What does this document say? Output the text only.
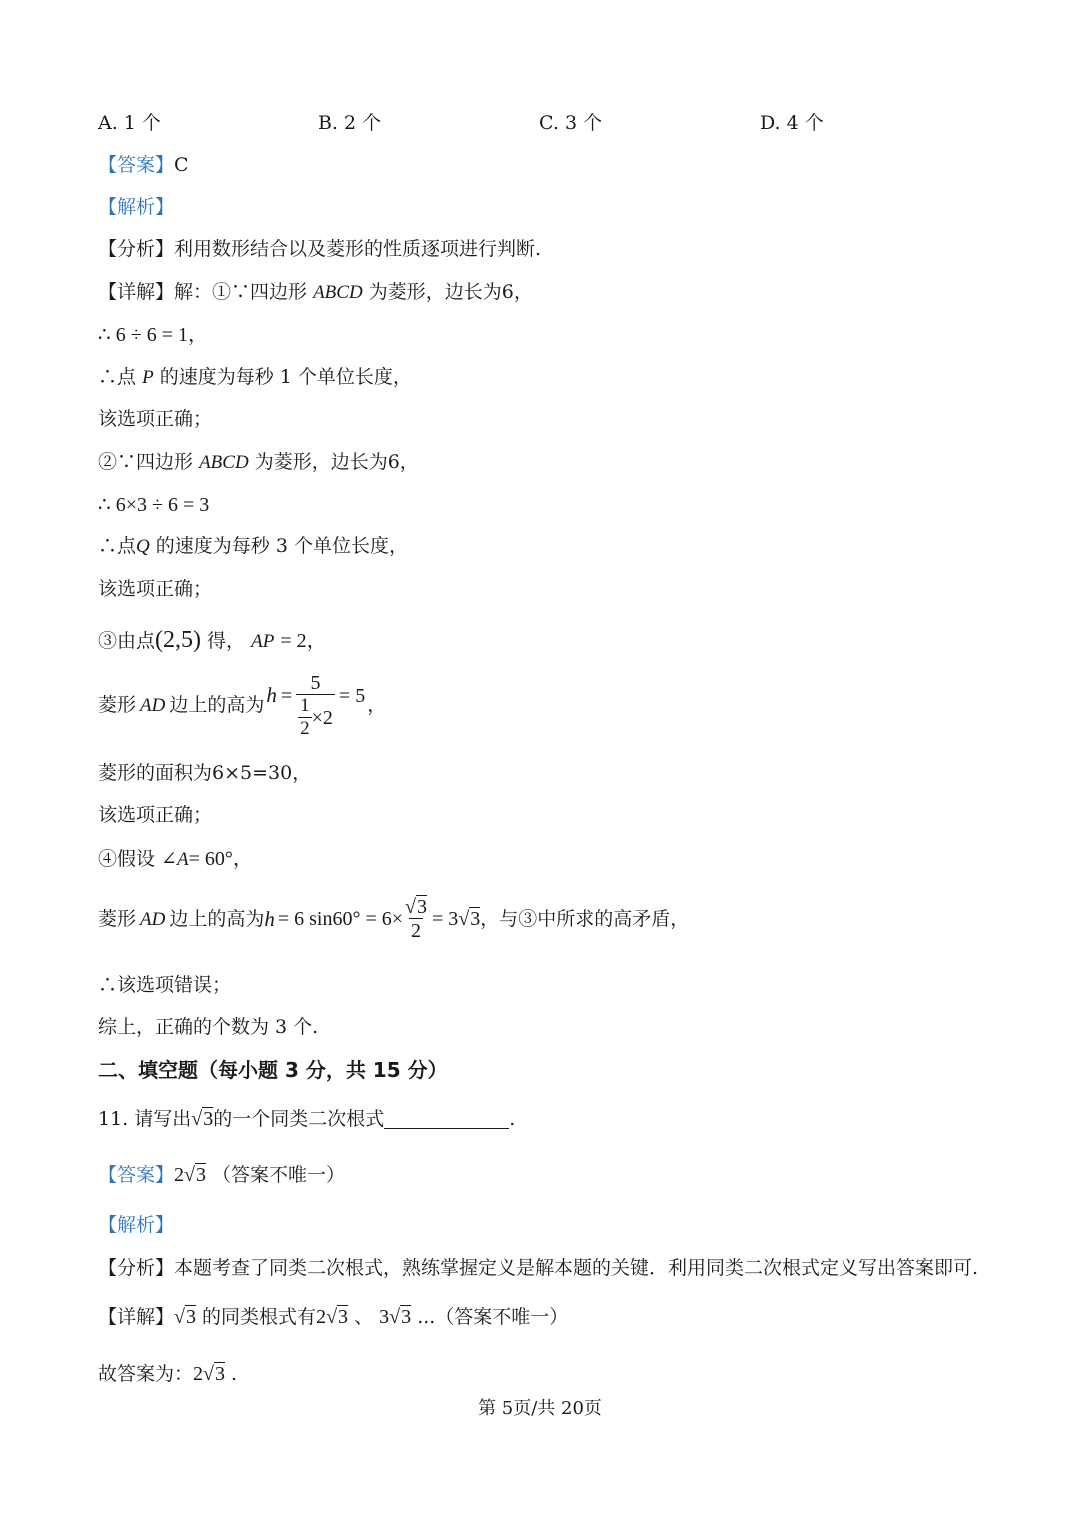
A. 1 个	B. 2 个	C. 3 个	D. 4 个
【答案】C
【解析】
【分析】利用数形结合以及菱形的性质逐项进行判断.
【详解】解：①∵四边形 ABCD 为菱形，边长为6，
∴ 6 ÷ 6 = 1，
∴点 P 的速度为每秒 1 个单位长度，
该选项正确；
②∵四边形 ABCD 为菱形，边长为6，
∴ 6×3 ÷ 6 = 3
∴点Q 的速度为每秒 3 个单位长度，
该选项正确；
③由点(2,5) 得， AP = 2，
菱形 AD 边上的高为 $h = \frac{5}{\frac{1}{2} \times 2} = 5$ ，
菱形的面积为6×5=30，
该选项正确；
④假设 ∠A= 60°，
菱形 AD 边上的高为 h = 6 $\sin 60^\circ = 6\times \frac{√3}{2} = 3$ √3 ，与③中所求的高矛盾，
∴该选项错误；
综上，正确的个数为 3 个.
二、填空题（每小题 3 分，共 15 分）
11. 请写出√3的一个同类二次根式	.
【答案】2√3 （答案不唯一）
【解析】
【分析】本题考查了同类二次根式，熟练掌握定义是解本题的关键．利用同类二次根式定义写出答案即可.
【详解】√3 的同类根式有2√3 、 3√3 ...（答案不唯一）
故答案为：2√3 .
第 5页/共 20页
